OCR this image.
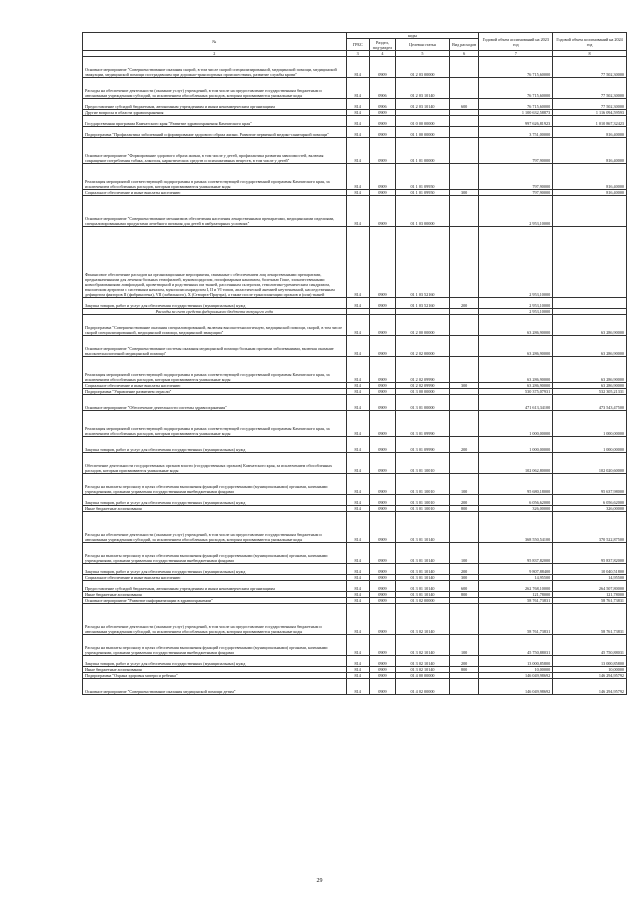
№	коды				Годовой объем ассигнований на 2023 год	Годовой объем ассигнований на 2024 год
	ГРБС	Раздел, под-раздел	Целевая статья	Вид расходов		
2	3	4	5	6	7	8
Основное мероприятие "Совершенствование оказания скорой, в том числе скорой специализированной, медицинской помощи, медицинской эвакуации, медицинской помощи пострадавшим при дорожно-транспортных происшествиях, развитие службы крови"	814	0909	01 2 03 00000		76 715,60000	77 502,30000
Расходы на обеспечение деятельности (оказание услуг) учреждений, в том числе на предоставление государственным бюджетным и автономным учреждениям субсидий, за исключением обособленных расходов, которым присваиваются уникальные коды	814	0906	01 2 03 10140		76 715,60000	77 502,30000
Предоставление субсидий бюджетным, автономным учреждениям и иным некоммерческим организациям	814	0906	01 2 03 10140	600	76 715,60000	77 502,30000
Другие вопросы в области здравоохранения	814	0909			1 100 632,58873	1 116 094,59593
Государственная программа Камчатского края "Развитие здравоохранения Камчатского края"	814	0909	01 0 00 00000		997 626,81923	1 010 867,32423
Подпрограмма "Профилактика заболеваний и формирование здорового образа жизни. Развитие первичной медико-санитарной помощи"	814	0909	01 1 00 00000		3 751,00000	816,40000
Основное мероприятие "Формирование здорового образа жизни, в том числе у детей, профилактика развития зависимостей, включая сокращение потребления табака, алкоголя, наркотических средств и психоактивных веществ, в том числе у детей"	814	0909	01 1 01 00000		797,90000	816,40000
Реализация мероприятий соответствующей подпрограммы в рамках соответствующей государственной программы Камчатского края, за исключением обособленных расходов, которым присваиваются уникальные коды	814	0909	01 1 01 09950		797,90000	816,40000
Социальное обеспечение и иные выплаты населению	814	0909	01 1 01 09950	300	797,90000	816,40000
Основное мероприятие "Совершенствование механизмов обеспечения населения лекарственными препаратами, медицинскими изделиями, специализированными продуктами лечебного питания для детей в амбулаторных условиях"	814	0909	01 1 03 00000		2 953,10000	
Финансовое обеспечение расходов на организационные мероприятия, связанные с обеспечением лиц лекарственными препаратами, предназначенными для лечения больных гемофилией, муковисцидозом, гипофизарным нанизмом, болезнью Гоше, злокачественными новообразованиями лимфоидной, кроветворной и родственных им тканей, рассеянным склерозом, гемолитико-уремическим синдромом, юношеским артритом с системным началом, мукополисахаридозом I, II и VI типов, апластической анемией неуточненной, наследственным дефицитом факторов II (фибриногена), VII (лабильного), X (Стюарта-Прауэра), а также после трансплантации органов и (или) тканей	814	0909	01 1 03 52160		2 953,10000	
Закупка товаров, работ и услуг для обеспечения государственных (муниципальных) нужд	814	0909	01 1 03 52160	200	2 953,10000	
Расходы за счет средств федерального бюджета текущего года					2 953,10000	
Подпрограмма "Совершенствование оказания специализированной, включая высокотехнологичную, медицинской помощи, скорой, в том числе скорой специализированной, медицинской помощи, медицинской эвакуации"	814	0909	01 2 00 00000		63 286,90000	63 286,90000
Основное мероприятие "Совершенствование системы оказания медицинской помощи больным прочими заболеваниями, включая оказание высокотехнологичной медицинской помощи"	814	0909	01 2 02 00000		63 286,90000	63 286,90000
Реализация мероприятий соответствующей подпрограммы в рамках соответствующей государственной программы Камчатского края, за исключением обособленных расходов, которым присваиваются уникальные коды	814	0909	01 2 02 09990		63 286,90000	63 286,90000
Социальное обеспечение и иные выплаты населению	814	0909	01 2 02 09990	300	63 286,90000	63 286,90000
Подпрограмма "Управление развитием отрасли"	814	0909	01 3 00 00000		530 375,07931	532 305,21331
Основное мероприятие "Обеспечение деятельности системы здравоохранения"	814	0909	01 3 01 00000		471 613,34100	473 543,47500
Реализация мероприятий соответствующей подпрограммы в рамках соответствующей государственной программы Камчатского края, за исключением обособленных расходов, которым присваиваются уникальные коды	814	0909	01 3 01 09990		1 000,00000	1 000,00000
Закупка товаров, работ и услуг для обеспечения государственных (муниципальных) нужд	814	0909	01 3 01 09990	200	1 000,00000	1 000,00000
Обеспечение деятельности государственных органов власти (государственных органов) Камчатского края, за исключением обособленных расходов, которым присваиваются уникальные коды	814	0909	01 3 01 10010		102 062,80000	102 020,60000
Расходы на выплаты персоналу в целях обеспечения выполнения функций государственными (муниципальными) органами, казенными учреждениями, органами управления государственными внебюджетными фондами	814	0909	01 3 01 10010	100	95 680,18000	95 637,98000
Закупка товаров, работ и услуг для обеспечения государственных (муниципальных) нужд	814	0909	01 3 01 10010	200	6 056,62000	6 056,62000
Иные бюджетные ассигнования	814	0909	01 3 01 10010	800	326,00000	326,00000
Расходы на обеспечение деятельности (оказание услуг) учреждений, в том числе на предоставление государственным бюджетным и автономным учреждениям субсидий, за исключением обособленных расходов, которым присваиваются уникальные коды	814	0909	01 3 01 10140		368 550,54100	370 522,87500
Расходы на выплаты персоналу в целях обеспечения выполнения функций государственными (муниципальными) органами, казенными учреждениями, органами управления государственными внебюджетными фондами	814	0909	01 3 01 10140	100	95 837,82000	95 837,82000
Закупка товаров, работ и услуг для обеспечения государственных (муниципальных) нужд	814	0909	01 3 01 10140	200	9 807,88400	10 040,51800
Социальное обеспечение и иные выплаты населению	814	0909	01 3 01 10140	300	14,95500	14,95500
Предоставление субсидий бюджетным, автономным учреждениям и иным некоммерческим организациям	814	0909	01 3 01 10140	600	262 768,10000	264 507,80000
Иные бюджетные ассигнования	814	0909	01 3 01 10140	800	121,78000	121,78000
Основное мероприятие "Развитие информатизации в здравоохранении"	814	0909	01 3 02 00000		58 761,73831	58 761,73831
Расходы на обеспечение деятельности (оказание услуг) учреждений, в том числе на предоставление государственным бюджетным и автономным учреждениям субсидий, за исключением обособленных расходов, которым присваиваются уникальные коды	814	0909	01 3 02 10140		58 761,73831	58 761,73831
Расходы на выплаты персоналу в целях обеспечения выполнения функций государственными (муниципальными) органами, казенными учреждениями, органами управления государственными внебюджетными фондами	814	0909	01 3 02 10140	100	45 750,88031	45 750,88031
Закупка товаров, работ и услуг для обеспечения государственных (муниципальных) нужд	814	0909	01 3 02 10140	200	13 000,85800	13 000,85800
Иные бюджетные ассигнования	814	0909	01 3 02 10140	800	10,00000	10,00000
Подпрограмма "Охрана здоровья матери и ребенка"	814	0909	01 4 00 00000		146 049,98692	146 294,95792
Основное мероприятие "Совершенствование оказания медицинской помощи детям"	814	0909	01 4 02 00000		146 049,98692	146 294,95792
29
